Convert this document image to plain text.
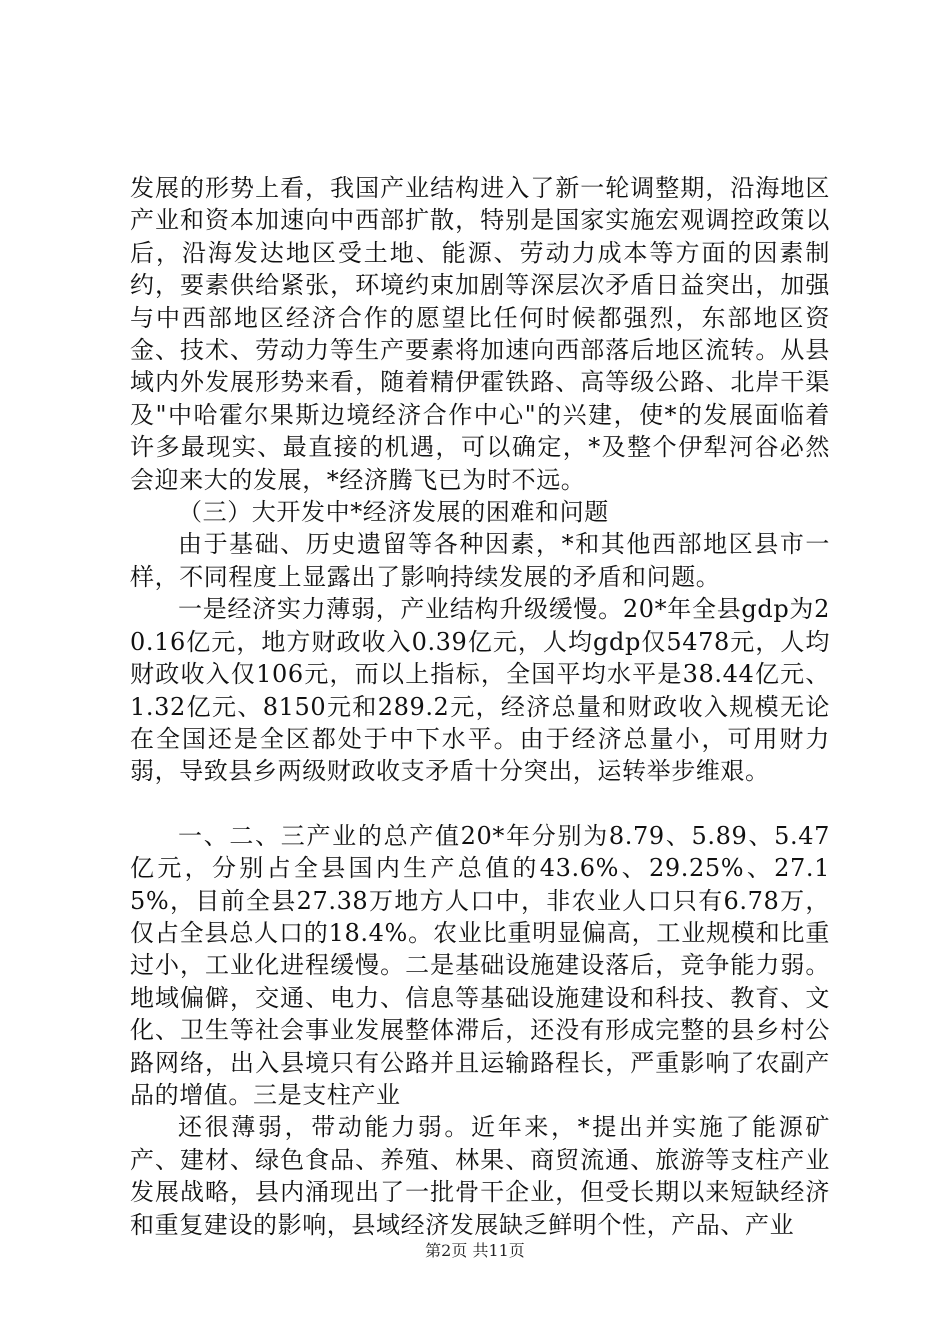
发展的形势上看，我国产业结构进入了新一轮调整期，沿海地区产业和资本加速向中西部扩散，特别是国家实施宏观调控政策以后，沿海发达地区受土地、能源、劳动力成本等方面的因素制约，要素供给紧张，环境约束加剧等深层次矛盾日益突出，加强与中西部地区经济合作的愿望比任何时候都强烈，东部地区资金、技术、劳动力等生产要素将加速向西部落后地区流转。从县域内外发展形势来看，随着精伊霍铁路、高等级公路、北岸干渠及"中哈霍尔果斯边境经济合作中心"的兴建，使*的发展面临着许多最现实、最直接的机遇，可以确定，*及整个伊犁河谷必然会迎来大的发展，*经济腾飞已为时不远。

（三）大开发中*经济发展的困难和问题

由于基础、历史遗留等各种因素，*和其他西部地区县市一样，不同程度上显露出了影响持续发展的矛盾和问题。

一是经济实力薄弱，产业结构升级缓慢。20*年全县gdp为20.16亿元，地方财政收入0.39亿元，人均gdp仅5478元，人均财政收入仅106元，而以上指标，全国平均水平是38.44亿元、1.32亿元、8150元和289.2元，经济总量和财政收入规模无论在全国还是全区都处于中下水平。由于经济总量小，可用财力弱，导致县乡两级财政收支矛盾十分突出，运转举步维艰。

一、二、三产业的总产值20*年分别为8.79、5.89、5.47亿元，分别占全县国内生产总值的43.6%、29.25%、27.15%，目前全县27.38万地方人口中，非农业人口只有6.78万，仅占全县总人口的18.4%。农业比重明显偏高，工业规模和比重过小，工业化进程缓慢。二是基础设施建设落后，竞争能力弱。地域偏僻，交通、电力、信息等基础设施建设和科技、教育、文化、卫生等社会事业发展整体滞后，还没有形成完整的县乡村公路网络，出入县境只有公路并且运输路程长，严重影响了农副产品的增值。三是支柱产业

还很薄弱，带动能力弱。近年来，*提出并实施了能源矿产、建材、绿色食品、养殖、林果、商贸流通、旅游等支柱产业发展战略，县内涌现出了一批骨干企业，但受长期以来短缺经济和重复建设的影响，县域经济发展缺乏鲜明个性，产品、产业

第2页 共11页
